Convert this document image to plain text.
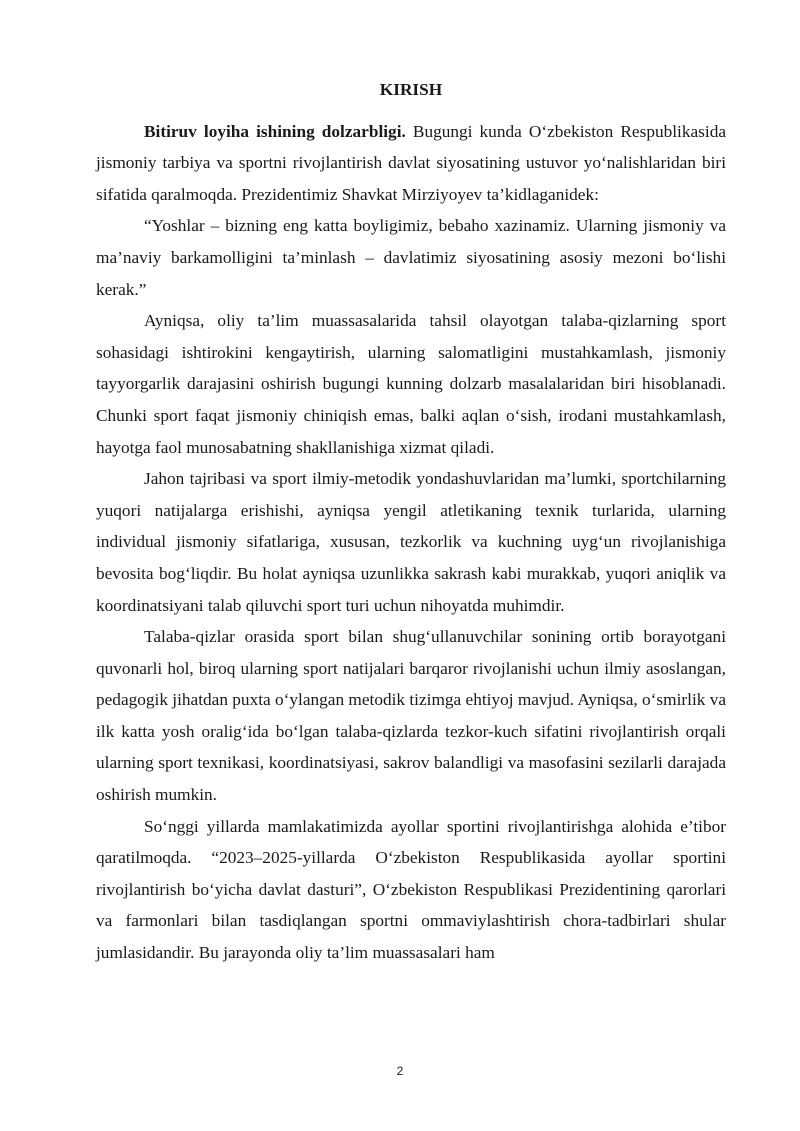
KIRISH

Bitiruv loyiha ishining dolzarbligi. Bugungi kunda O‘zbekiston Respublikasida jismoniy tarbiya va sportni rivojlantirish davlat siyosatining ustuvor yo‘nalishlaridan biri sifatida qaralmoqda. Prezidentimiz Shavkat Mirziyoyev ta’kidlaganidek:

“Yoshlar – bizning eng katta boyligimiz, bebaho xazinamiz. Ularning jismoniy va ma’naviy barkamolligini ta’minlash – davlatimiz siyosatining asosiy mezoni bo‘lishi kerak.”

Ayniqsa, oliy ta’lim muassasalarida tahsil olayotgan talaba-qizlarning sport sohasidagi ishtirokini kengaytirish, ularning salomatligini mustahkamlash, jismoniy tayyorgarlik darajasini oshirish bugungi kunning dolzarb masalalaridan biri hisoblanadi. Chunki sport faqat jismoniy chiniqish emas, balki aqlan o‘sish, irodani mustahkamlash, hayotga faol munosabatning shakllanishiga xizmat qiladi.

Jahon tajribasi va sport ilmiy-metodik yondashuvlaridan ma’lumki, sportchilarning yuqori natijalarga erishishi, ayniqsa yengil atletikaning texnik turlarida, ularning individual jismoniy sifatlariga, xususan, tezkorlik va kuchning uyg‘un rivojlanishiga bevosita bog‘liqdir. Bu holat ayniqsa uzunlikka sakrash kabi murakkab, yuqori aniqlik va koordinatsiyani talab qiluvchi sport turi uchun nihoyatda muhimdir.

Talaba-qizlar orasida sport bilan shug‘ullanuvchilar sonining ortib borayotgani quvonarli hol, biroq ularning sport natijalari barqaror rivojlanishi uchun ilmiy asoslangan, pedagogik jihatdan puxta o‘ylangan metodik tizimga ehtiyoj mavjud. Ayniqsa, o‘smirlik va ilk katta yosh oralig‘ida bo‘lgan talaba-qizlarda tezkor-kuch sifatini rivojlantirish orqali ularning sport texnikasi, koordinatsiyasi, sakrov balandligi va masofasini sezilarli darajada oshirish mumkin.

So‘nggi yillarda mamlakatimizda ayollar sportini rivojlantirishga alohida e’tibor qaratilmoqda. “2023–2025-yillarda O‘zbekiston Respublikasida ayollar sportini rivojlantirish bo‘yicha davlat dasturi”, O‘zbekiston Respublikasi Prezidentining qarorlari va farmonlari bilan tasdiqlangan sportni ommaviylashtirish chora-tadbirlari shular jumlasidandir. Bu jarayonda oliy ta’lim muassasalari ham

2
